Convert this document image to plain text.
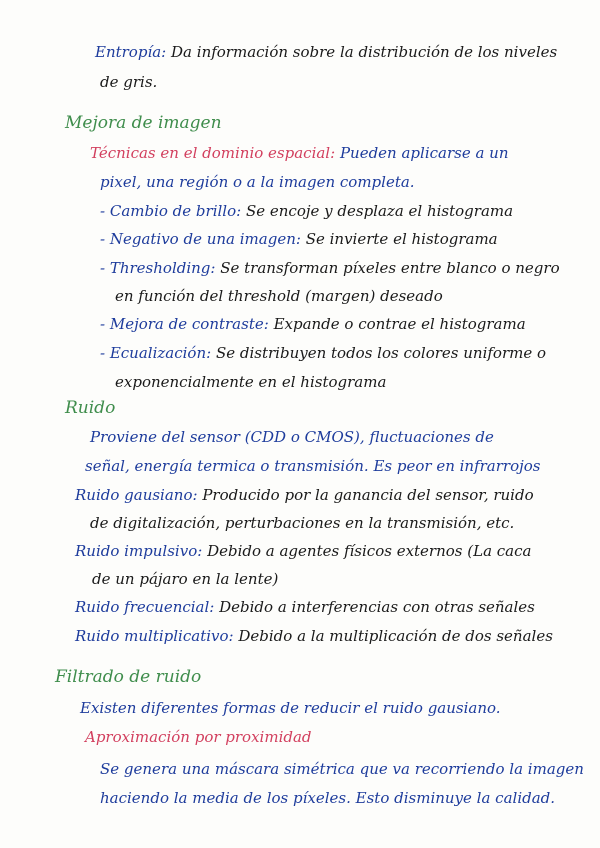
Entropía: Da información sobre la distribución de los niveles
de gris.
Mejora de imagen
Técnicas en el dominio espacial: Pueden aplicarse a un
pixel, una región o a la imagen completa.
- Cambio de brillo: Se encoje y desplaza el histograma
- Negativo de una imagen: Se invierte el histograma
- Thresholding: Se transforman píxeles entre blanco o negro
en función del threshold (margen) deseado
- Mejora de contraste: Expande o contrae el histograma
- Ecualización: Se distribuyen todos los colores uniforme o
exponencialmente en el histograma
Ruido
Proviene del sensor (CDD o CMOS), fluctuaciones de
señal, energía termica o transmisión. Es peor en infrarrojos
Ruido gausiano: Producido por la ganancia del sensor, ruido
de digitalización, perturbaciones en la transmisión, etc.
Ruido impulsivo: Debido a agentes físicos externos (La caca
de un pájaro en la lente)
Ruido frecuencial: Debido a interferencias con otras señales
Ruido multiplicativo: Debido a la multiplicación de dos señales
Filtrado de ruido
Existen diferentes formas de reducir el ruido gausiano.
Aproximación por proximidad
Se genera una máscara simétrica que va recorriendo la imagen
haciendo la media de los píxeles. Esto disminuye la calidad.
